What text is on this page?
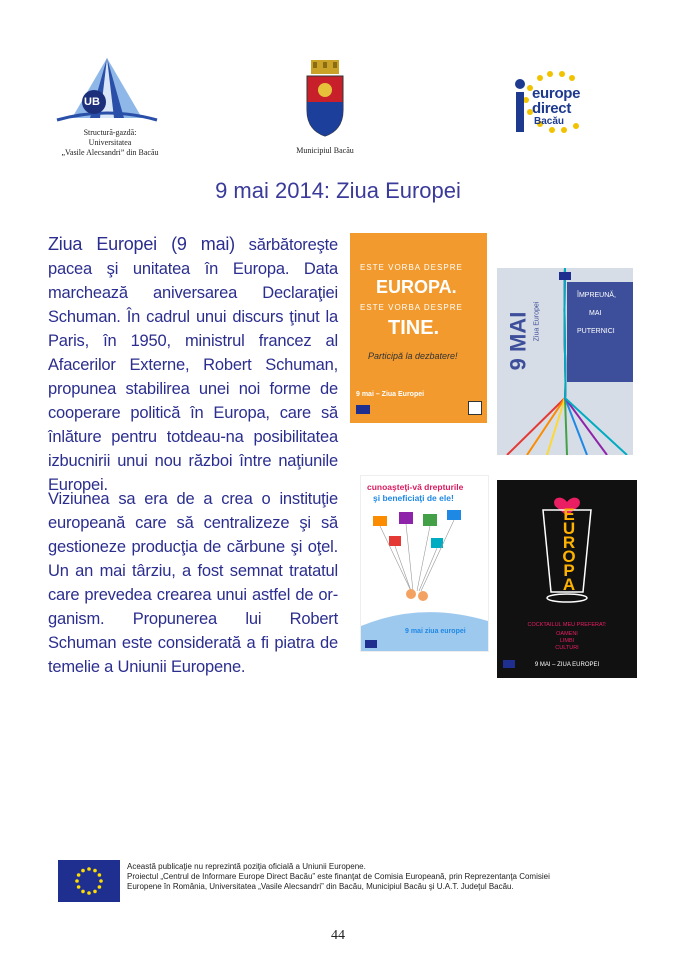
UB
Structură-gazdă:
Universitatea
„Vasile Alecsandri” din Bacău	Municipiul Bacău
europe
direct
Bacău
9 mai 2014: Ziua Europei
Ziua Europei (9 mai) sărbătoreşte pacea şi unitatea în Europa. Data marchează aniversarea Declaraţiei Schuman. În cadrul unui discurs ţinut la Paris, în 1950, ministrul francez al Afacerilor Externe, Robert Schuman, propunea stabilirea unei noi forme de cooperare politică în Europa, care să înlăture pentru totdeau-na posibilitatea izbucnirii unui nou război între naţiunile Europei.
Viziunea sa era de a crea o instituţie europeană care să centralizeze şi să gestioneze producţia de cărbune şi oţel. Un an mai târziu, a fost semnat tratatul care prevedea crearea unui astfel de or-ganism. Propunerea lui Robert Schuman este considerată a fi piatra de temelie a Uniunii Europene.
ESTE VORBA DESPRE
EUROPA.
ESTE VORBA DESPRE
TINE.
Participă la dezbatere!
9 mai – Ziua Europei
9 MAI Ziua Europei
ÎMPREUNĂ,
MAI
PUTERNICI
cunoaşteţi-vă drepturile
şi beneficiaţi de ele!
9 mai ziua europei
EUROPA
COCKTAILUL MEU PREFERAT:
OAMENI
LIMBI
CULTURI
9 MAI – ZIUA EUROPEI
Această publicaţie nu reprezintă poziţia oficială a Uniunii Europene.
Proiectul „Centrul de Informare Europe Direct Bacău” este finanţat de Comisia Europeană, prin Reprezentanţa Comisiei
Europene în România, Universitatea „Vasile Alecsandri” din Bacău, Municipiul Bacău şi U.A.T. Judeţul Bacău.
44
